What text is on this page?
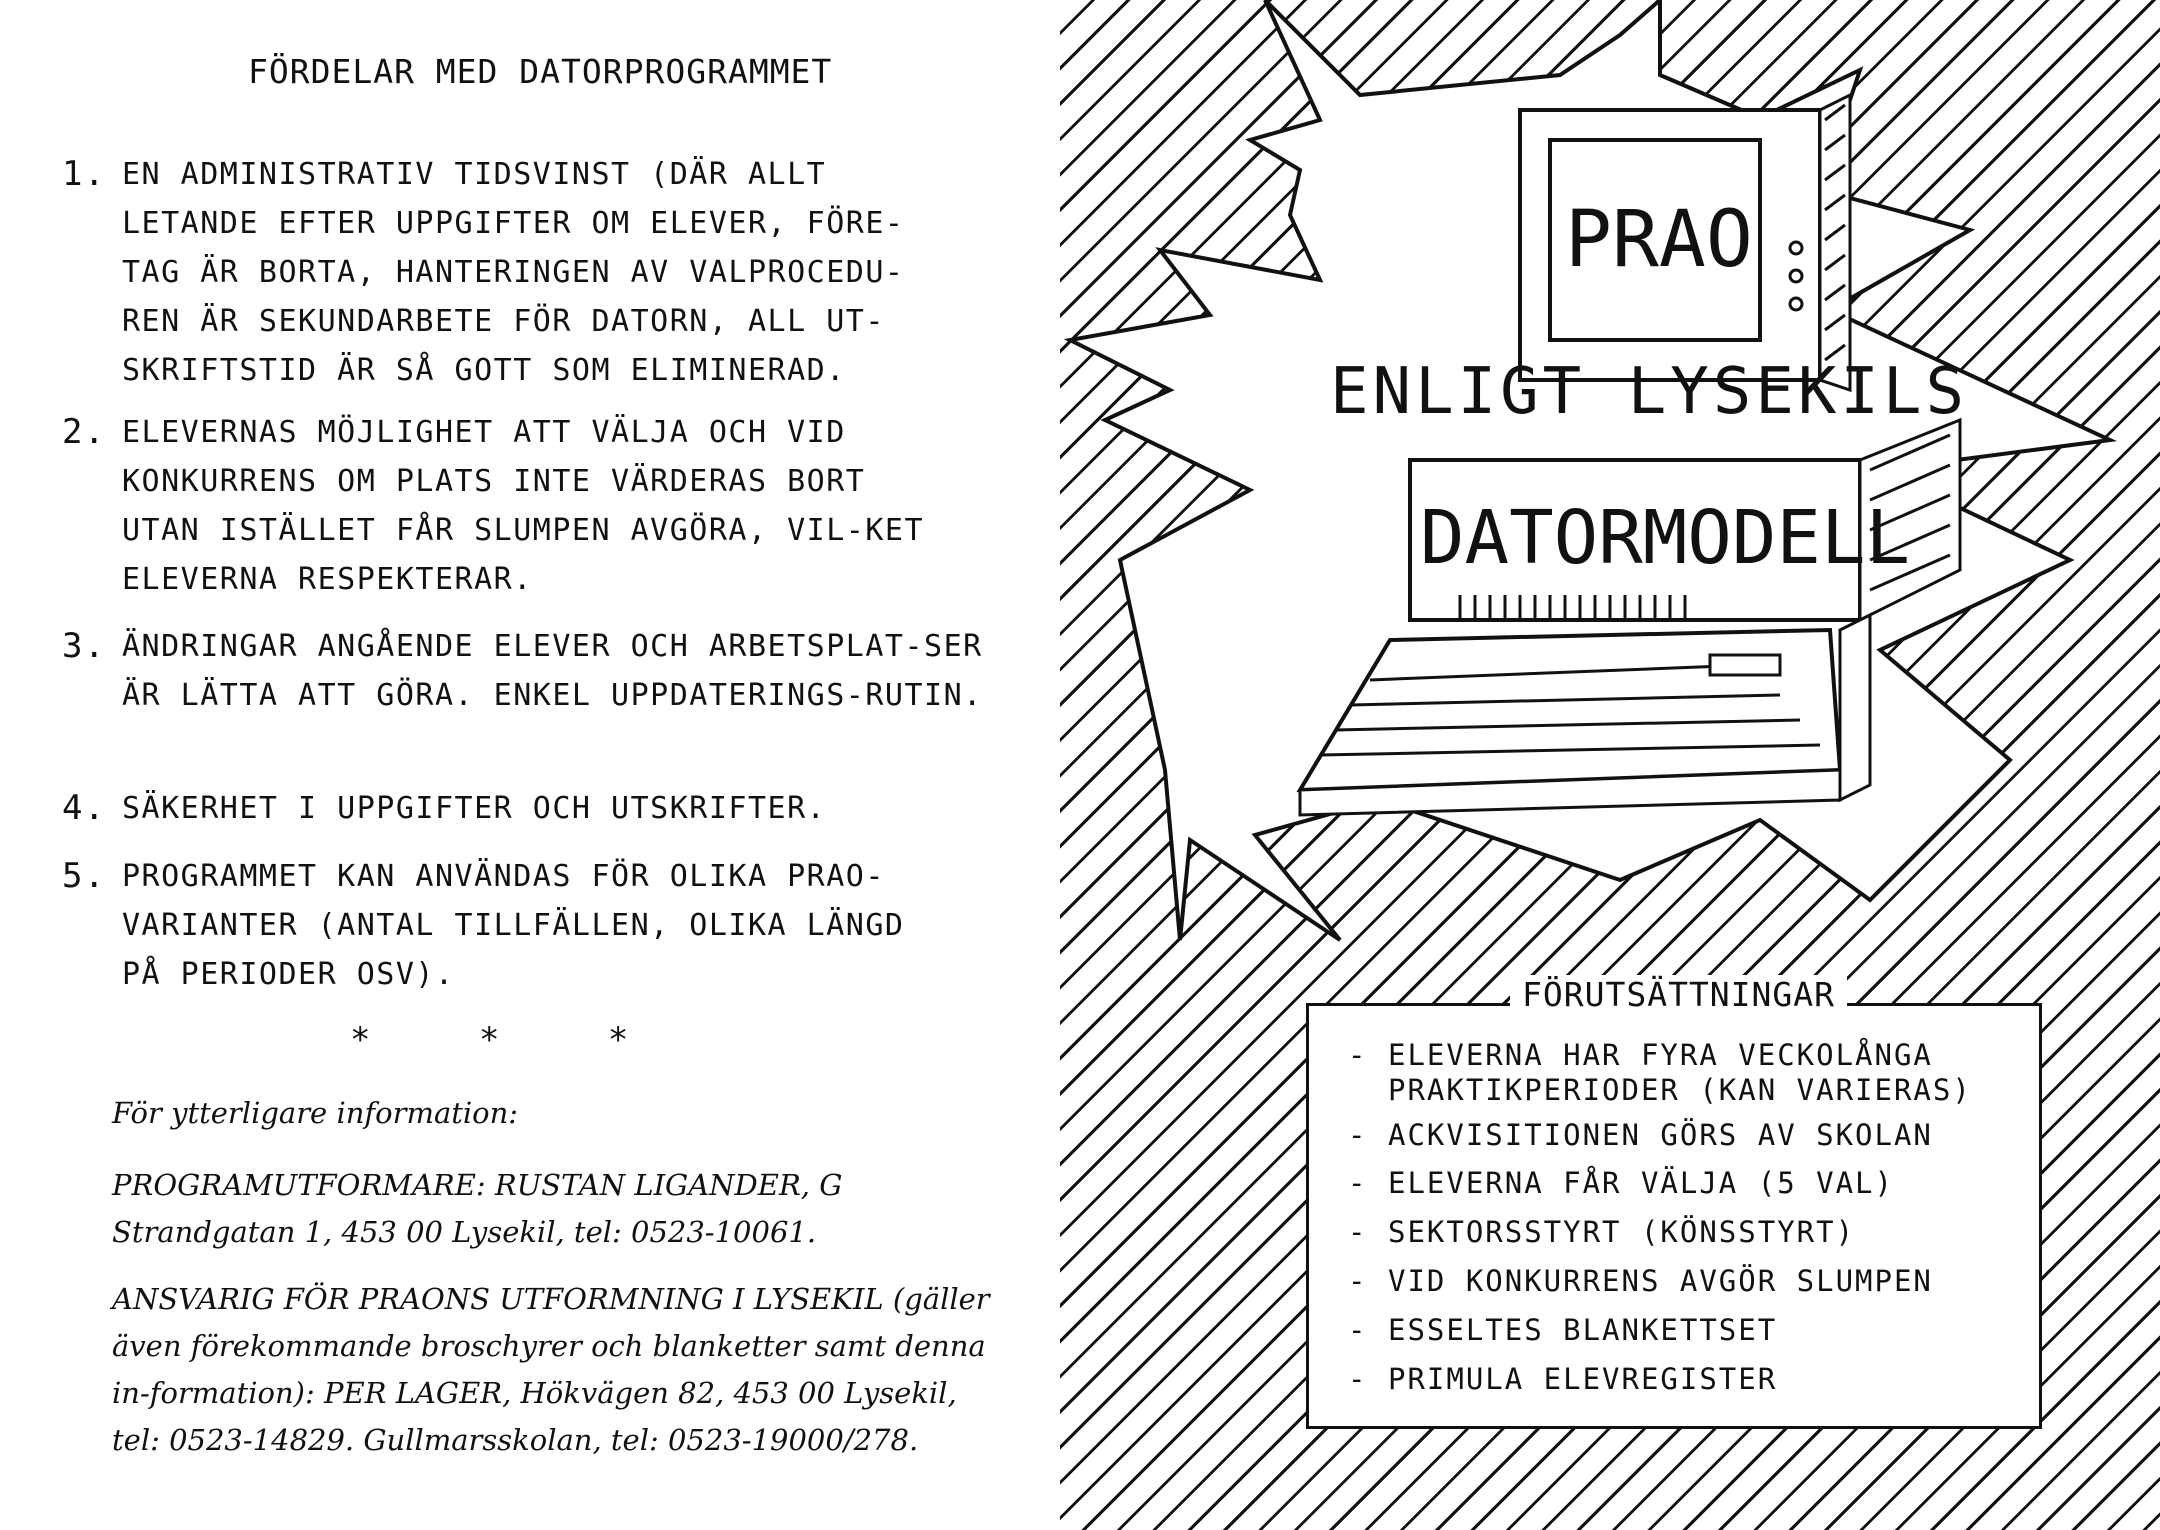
FÖRDELAR MED DATORPROGRAMMET
1. EN ADMINISTRATIV TIDSVINST (DÄR ALLT LETANDE EFTER UPPGIFTER OM ELEVER, FÖRE-TAG ÄR BORTA, HANTERINGEN AV VALPROCEDU-REN ÄR SEKUNDARBETE FÖR DATORN, ALL UT-SKRIFTSTID ÄR SÅ GOTT SOM ELIMINERAD.
2. ELEVERNAS MÖJLIGHET ATT VÄLJA OCH VID KONKURRENS OM PLATS INTE VÄRDERAS BORT UTAN ISTÄLLET FÅR SLUMPEN AVGÖRA, VIL-KET ELEVERNA RESPEKTERAR.
3. ÄNDRINGAR ANGÅENDE ELEVER OCH ARBETSPLAT-SER ÄR LÄTTA ATT GÖRA. ENKEL UPPDATERINGS-RUTIN.
4. SÄKERHET I UPPGIFTER OCH UTSKRIFTER.
5. PROGRAMMET KAN ANVÄNDAS FÖR OLIKA PRAO-VARIANTER (ANTAL TILLFÄLLEN, OLIKA LÄNGD PÅ PERIODER OSV).
* * *
För ytterligare information:
PROGRAMUTFORMARE: RUSTAN LIGANDER, G Strandgatan 1, 453 00 Lysekil, tel: 0523-10061.
ANSVARIG FÖR PRAONS UTFORMNING I LYSEKIL (gäller även förekommande broschyrer och blanketter samt denna in-formation): PER LAGER, Hökvägen 82, 453 00 Lysekil, tel: 0523-14829. Gullmarsskolan, tel: 0523-19000/278.
PRAO
ENLIGT LYSEKILS
DATORMODELL
FÖRUTSÄTTNINGAR
- ELEVERNA HAR FYRA VECKOLÅNGA PRAKTIKPERIODER (KAN VARIERAS)
- ACKVISITIONEN GÖRS AV SKOLAN
- ELEVERNA FÅR VÄLJA (5 VAL)
- SEKTORSSTYRT (KÖNSSTYRT)
- VID KONKURRENS AVGÖR SLUMPEN
- ESSELTES BLANKETTSET
- PRIMULA ELEVREGISTER
